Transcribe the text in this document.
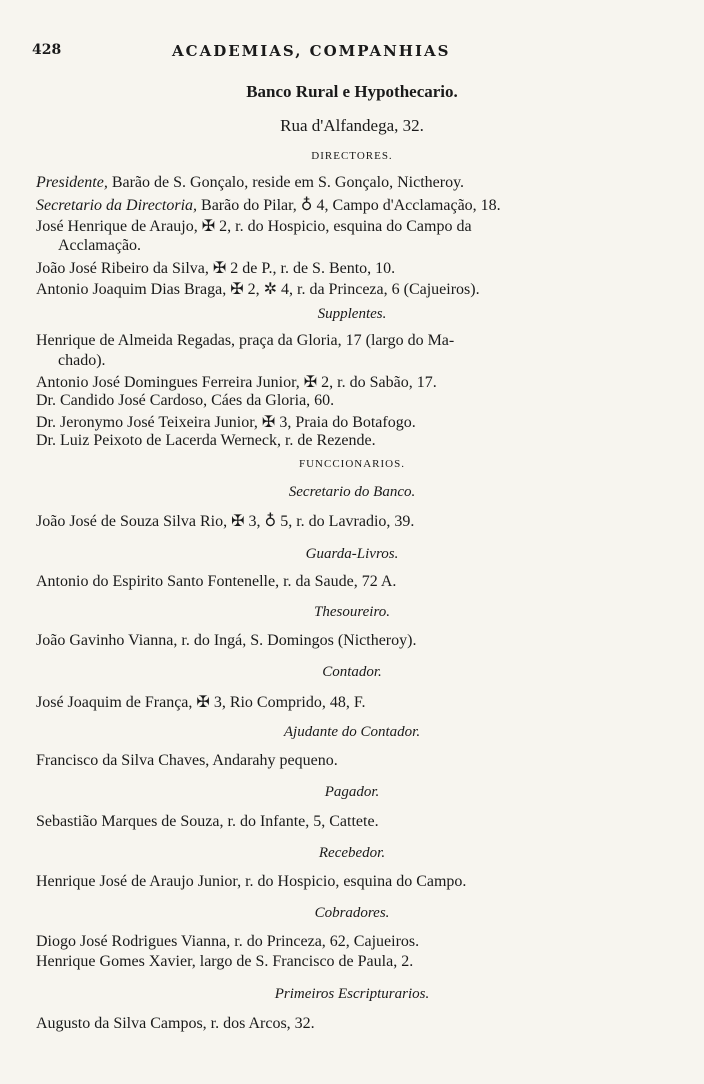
428	ACADEMIAS, COMPANHIAS
Banco Rural e Hypothecario.
Rua d'Alfandega, 32.
DIRECTORES.
Presidente, Barão de S. Gonçalo, reside em S. Gonçalo, Nictheroy.
Secretario da Directoria, Barão do Pilar, ♁ 4, Campo d'Acclamação, 18.
José Henrique de Araujo, ✠ 2, r. do Hospicio, esquina do Campo da
Acclamação.
João José Ribeiro da Silva, ✠ 2 de P., r. de S. Bento, 10.
Antonio Joaquim Dias Braga, ✠ 2, ✲ 4, r. da Princeza, 6 (Cajueiros).
Supplentes.
Henrique de Almeida Regadas, praça da Gloria, 17 (largo do Ma-
chado).
Antonio José Domingues Ferreira Junior, ✠ 2, r. do Sabão, 17.
Dr. Candido José Cardoso, Cáes da Gloria, 60.
Dr. Jeronymo José Teixeira Junior, ✠ 3, Praia do Botafogo.
Dr. Luiz Peixoto de Lacerda Werneck, r. de Rezende.
FUNCCIONARIOS.
Secretario do Banco.
João José de Souza Silva Rio, ✠ 3, ♁ 5, r. do Lavradio, 39.
Guarda-Livros.
Antonio do Espirito Santo Fontenelle, r. da Saude, 72 A.
Thesoureiro.
João Gavinho Vianna, r. do Ingá, S. Domingos (Nictheroy).
Contador.
José Joaquim de França, ✠ 3, Rio Comprido, 48, F.
Ajudante do Contador.
Francisco da Silva Chaves, Andarahy pequeno.
Pagador.
Sebastião Marques de Souza, r. do Infante, 5, Cattete.
Recebedor.
Henrique José de Araujo Junior, r. do Hospicio, esquina do Campo.
Cobradores.
Diogo José Rodrigues Vianna, r. do Princeza, 62, Cajueiros.
Henrique Gomes Xavier, largo de S. Francisco de Paula, 2.
Primeiros Escripturarios.
Augusto da Silva Campos, r. dos Arcos, 32.
